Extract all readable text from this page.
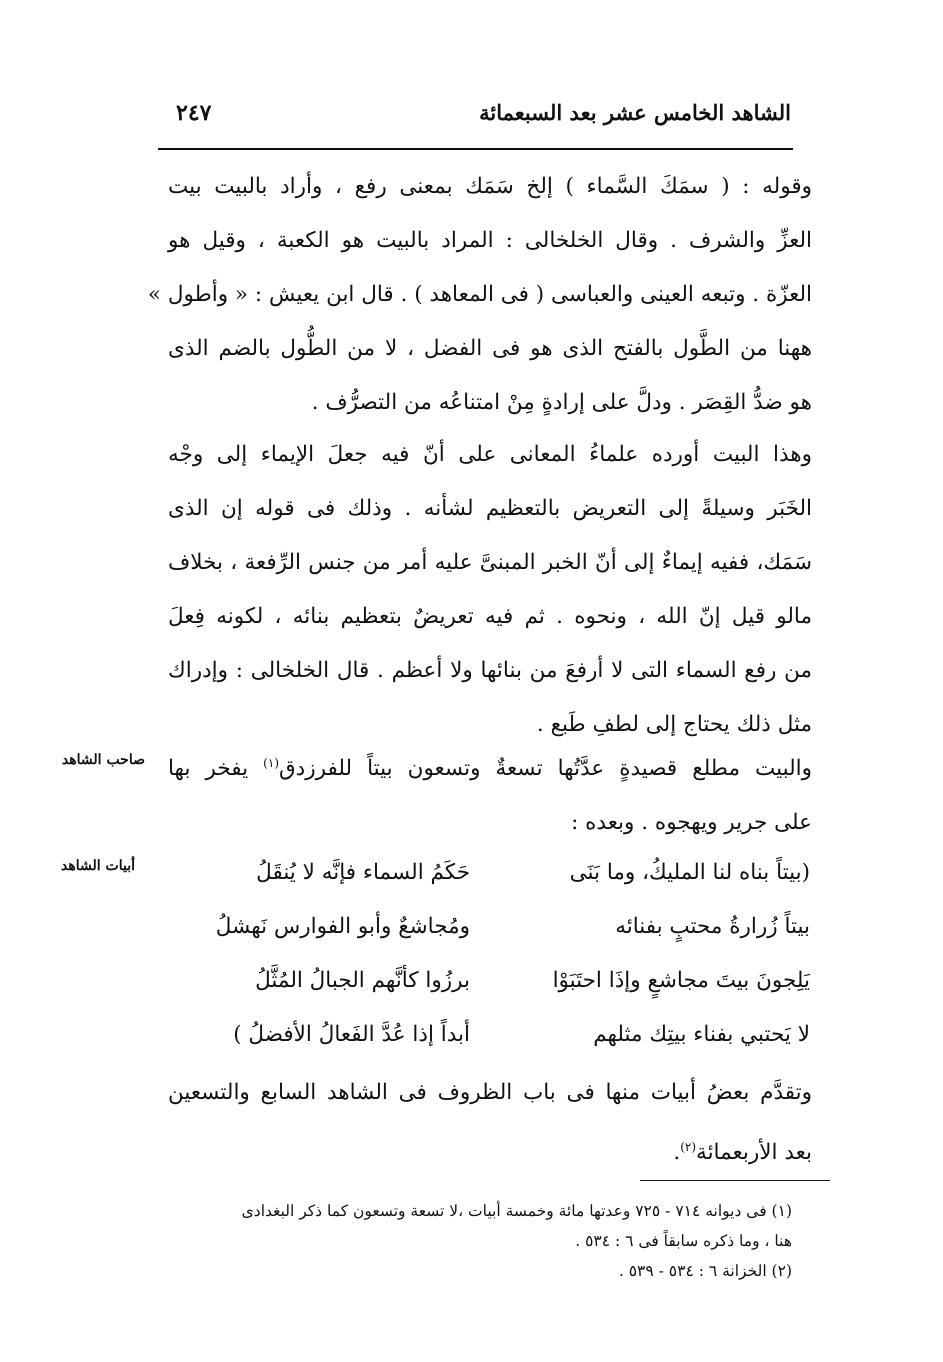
الشاهد الخامس عشر بعد السبعمائة
٢٤٧
وقوله : ( سمَكَ السَّماء ) إلخ سَمَك بمعنى رفع ، وأراد بالبيت بيت
العزِّ والشرف . وقال الخلخالى : المراد بالبيت هو الكعبة ، وقيل هو
العزّة . وتبعه العينى والعباسى ( فى المعاهد ) . قال ابن يعيش : « وأطول »
ههنا من الطَّول بالفتح الذى هو فى الفضل ، لا من الطُّول بالضم الذى
هو ضدُّ القِصَر . ودلَّ على إرادةٍ مِنْ امتناعُه من التصرُّف .
وهذا البيت أورده علماءُ المعانى على أنّ فيه جعلَ الإيماء إلى وجْه
الخَبَر وسيلةً إلى التعريض بالتعظيم لشأنه . وذلك فى قوله إن الذى
سَمَك، ففيه إيماءٌ إلى أنّ الخبر المبنىَّ عليه أمر من جنس الرِّفعة ، بخلاف
مالو قيل إنّ الله ، ونحوه . ثم فيه تعريضٌ بتعظيم بنائه ، لكونه فِعلَ
من رفع السماء التى لا أرفعَ من بنائها ولا أعظم . قال الخلخالى : وإدراك
مثل ذلك يحتاج إلى لطفِ طَبع .
والبيت مطلع قصيدةٍ عدَّتُها تسعةٌ وتسعون بيتاً للفرزدق$^{(١)}$ يفخر بها
على جرير ويهجوه . وبعده :
صاحب الشاهد
أبيات الشاهد	(بيتاً بناه لنا المليكُ، وما بَنَى
حَكَمُ السماء فإنَّه لا يُنقَلُ
بيتاً زُرارةُ محتبٍ بفنائه
ومُجاشعٌ وأبو الفوارس نَهشلُ
يَلِجونَ بيتَ مجاشعٍ وإذَا احتَبَوْا
برزُوا كأنَّهم الجبالُ المُثَّلُ
لا يَحتبي بفناء بيتِك مثلهم
أبداً إذا عُدَّ الفَعالُ الأفضلُ )
وتقدَّم بعضُ أبيات منها فى باب الظروف فى الشاهد السابع والتسعين
بعد الأربعمائة$^{(٢)}$.
(١) فى ديوانه ٧١٤ - ٧٢٥ وعدتها مائة وخمسة أبيات ،لا تسعة وتسعون كما ذكر البغدادى
هنا ، وما ذكره سابقاً فى ٦ : ٥٣٤ .
(٢) الخزانة ٦ : ٥٣٤ - ٥٣٩ .
